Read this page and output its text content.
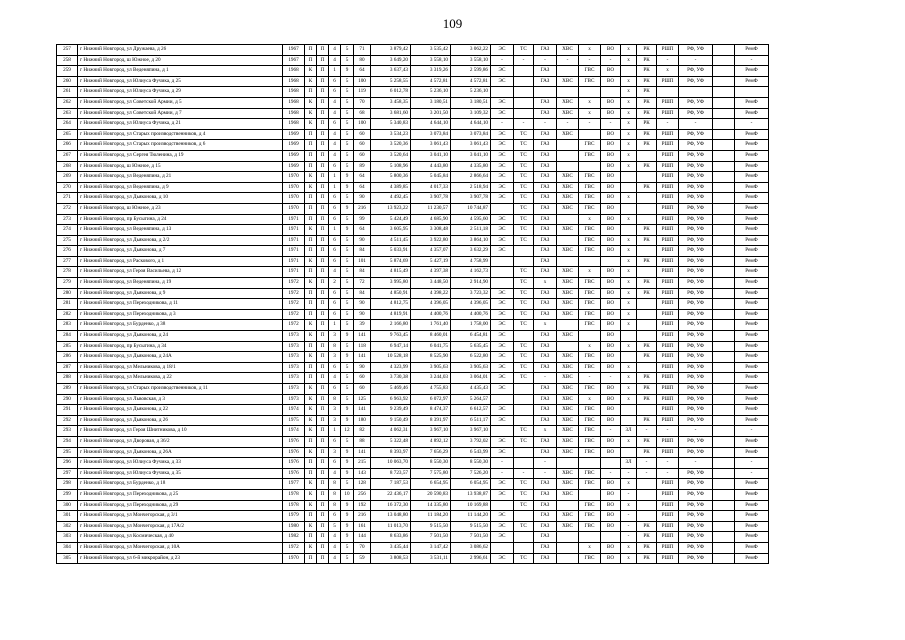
109
257	г Нижний Новгород, ул Дружаева, д 26	1967	П	П	4	5	71	3 879,42	3 535,42	3 062,22	ЭС	ТС	ГАЗ	ХВС	x	ВО	x	РК	РШП	РФ, УФ		РемФ
258	г Нижний Новгород, ш Южное, д 20	1967	П	П	4	5	80	3 649,20	3 558,10	3 558,10	-	-	-	-	-	-	x	РК	-	-		-
259	г Нижний Новгород, ул Веденяпина, д 1	1968	К	П	1	9	64	3 637,43	3 319,26	2 599,86	ЭС		ГАЗ		ГВС	ВО		РК	x	РФ, УФ		РемФ
260	г Нижний Новгород, ул Юлиуса Фучика, д 25	1968	К	П	6	5	100	5 258,55	4 572,81	4 572,81	ЭС		ГАЗ	ХВС	ГВС	ВО	x	РК	РШП	РФ, УФ		РемФ
261	г Нижний Новгород, ул Юлиуса Фучика, д 29	1968	П	П	6	5	119	6 012,78	5 236,10	5 236,10							x	РК				
262	г Нижний Новгород, ул Советской Армии, д 5	1968	К	П	4	5	70	3 458,35	3 180,51	3 180,51	ЭС		ГАЗ	ХВС	x	ВО	x	РК	РШП	РФ, УФ		РемФ
263	г Нижний Новгород, ул Советской Армии, д 7	1968	К	П	4	5	68	3 681,60	3 201,50	3 109,32	ЭС		ГАЗ	ХВС	x	ВО	x	РК	РШП	РФ, УФ		РемФ
264	г Нижний Новгород, ул Юлиуса Фучика, д 21	1968	К	П	6	5	100	5 340,83	4 644,10	4 644,10	-	-	-	-	-	-	x	РК	-	-		-
265	г Нижний Новгород, ул Старых производственников, д 4	1969	П	П	4	5	60	3 534,23	3 073,84	3 073,84	ЭС	ТС	ГАЗ	ХВС		ВО	x	РК	РШП	РФ, УФ		РемФ
266	г Нижний Новгород, ул Старых производственников, д 6	1969	П	П	4	5	60	3 520,36	3 061,43	3 061,43	ЭС	ТС	ГАЗ		ГВС	ВО	x	РК	РШП	РФ, УФ		РемФ
267	г Нижний Новгород, ул Сергея Тюленина, д 19	1969	П	П	4	5	60	3 520,64	3 041,10	3 041,10	ЭС	ТС	ГАЗ		ГВС	ВО	x		РШП	РФ, УФ		РемФ
268	г Нижний Новгород, ш Южное, д 15	1969	П	П	6	5	89	5 108,96	4 443,80	4 335,80	ЭС	ТС	ГАЗ			ВО	x	РК	РШП	РФ, УФ		РемФ
269	г Нижний Новгород, ул Веденяпина, д 21	1970	К	П	1	9	64	5 800,36	5 045,84	2 866,64	ЭС	ТС	ГАЗ	ХВС	ГВС	ВО			РШП	РФ, УФ		РемФ
270	г Нижний Новгород, ул Веденяпина, д 9	1970	К	П	1	9	64	4 389,85	4 017,33	2 518,94	ЭС	ТС	ГАЗ	ХВС	ГВС	ВО		РК	РШП	РФ, УФ		РемФ
271	г Нижний Новгород, ул Дьяконова, д 10	1970	П	П	6	5	90	4 492,45	3 907,78	3 907,78	ЭС	ТС	ГАЗ	ХВС	ГВС	ВО	x		РШП	РФ, УФ		РемФ
272	г Нижний Новгород, ш Южное, д 23	1970	П	П	6	9	216	13 923,22	11 230,57	10 744,87		ТС	ГАЗ	ХВС	ГВС	ВО			РШП	РФ, УФ		РемФ
273	г Нижний Новгород, пр Бусыгина, д 24	1971	П	П	6	5	99	5 424,49	4 685,90	4 595,60	ЭС	ТС	ГАЗ		x	ВО	x		РШП	РФ, УФ		РемФ
274	г Нижний Новгород, ул Веденяпина, д 13	1971	К	П	1	9	64	3 605,95	3 308,48	2 511,18	ЭС	ТС	ГАЗ	ХВС	ГВС	ВО		РК	РШП	РФ, УФ		РемФ
275	г Нижний Новгород, ул Дьяконова, д 2/2	1971	П	П	6	5	90	4 511,45	3 922,80	3 864,10	ЭС	ТС	ГАЗ		ГВС	ВО	x	РК	РШП	РФ, УФ		РемФ
276	г Нижний Новгород, ул Дьяконова, д 7	1971	П	П	6	5	84	5 033,91	4 357,07	3 632,29	ЭС		ГАЗ	ХВС	ГВС	ВО	x		РШП	РФ, УФ		РемФ
277	г Нижний Новгород, ул Раскового, д 1	1971	К	П	6	5	101	5 874,69	5 427,19	4 758,99			ГАЗ				x	РК	РШП	РФ, УФ		РемФ
278	г Нижний Новгород, ул Героя Васильева, д 12	1971	П	П	4	5	84	4 815,49	4 397,38	4 162,73		ТС	ГАЗ	ХВС	x	ВО	x		РШП	РФ, УФ		РемФ
279	г Нижний Новгород, ул Веденяпина, д 19	1972	К	П	2	5	72	3 995,80	3 448,50	2 914,90		ТС	x	ХВС	ГВС	ВО	x	РК	РШП	РФ, УФ		РемФ
280	г Нижний Новгород, ул Дьяконова, д 9	1972	П	П	6	5	84	4 850,91	4 398,22	3 723,32	ЭС	ТС	ГАЗ	ХВС	ГВС	ВО	x	РК	РШП	РФ, УФ		РемФ
281	г Нижний Новгород, ул Переходникова, д 11	1972	П	П	6	5	90	4 812,75	4 396,05	4 396,05	ЭС	ТС	ГАЗ	ХВС	ГВС	ВО	x		РШП	РФ, УФ		РемФ
282	г Нижний Новгород, ул Переходникова, д 3	1972	П	П	6	5	90	4 819,91	4 400,76	4 400,76	ЭС	ТС	ГАЗ	ХВС	ГВС	ВО	x		РШП	РФ, УФ		РемФ
283	г Нижний Новгород, ул Бурденко, д 38	1972	К	П	1	5	39	2 166,80	1 761,40	1 758,00	ЭС	ТС	x		ГВС	ВО	x		РШП	РФ, УФ		РемФ
284	г Нижний Новгород, ул Дьяконова, д 24	1973	К	П	3	9	141	9 763,45	8 460,01	6 454,81	ЭС		ГАЗ	ХВС		ВО			РШП	РФ, УФ		РемФ
285	г Нижний Новгород, пр Бусыгина, д 34	1973	П	П	8	5	118	6 947,14	6 041,75	5 635,45	ЭС	ТС	ГАЗ		x	ВО	x	РК	РШП	РФ, УФ		РемФ
286	г Нижний Новгород, ул Дьяконова, д 24А	1973	К	П	3	9	141	10 528,18	8 525,90	6 522,80	ЭС	ТС	ГАЗ	ХВС	ГВС	ВО		РК	РШП	РФ, УФ		РемФ
287	г Нижний Новгород, ул Мельникова, д 18/1	1973	П	П	6	5	90	4 323,99	3 905,63	3 905,63	ЭС	ТС	ГАЗ	ХВС	ГВС	ВО	x		РШП	РФ, УФ		РемФ
288	г Нижний Новгород, ул Мельникова, д 22	1973	П	П	4	5	60	3 730,38	3 244,03	3 064,01	ЭС	ТС	-	ХВС	-	-	x	РК	РШП	РФ, УФ		РемФ
289	г Нижний Новгород, ул Старых производственников, д 11	1973	К	П	6	5	60	5 469,46	4 755,83	4 435,43	ЭС		ГАЗ	ХВС	ГВС	ВО	x	РК	РШП	РФ, УФ		РемФ
290	г Нижний Новгород, ул Львовская, д 3	1973	К	П	8	5	125	6 963,92	6 072,97	5 264,57			ГАЗ	ХВС	x	ВО	x	РК	РШП	РФ, УФ		РемФ
291	г Нижний Новгород, ул Дьяконова, д 22	1974	К	П	3	9	141	9 239,49	8 474,37	6 612,57	ЭС		ГАЗ	ХВС	ГВС	ВО			РШП	РФ, УФ		РемФ
292	г Нижний Новгород, ул Дьяконова, д 26	1975	К	П	3	9	180	9 150,49	8 391,97	6 511,17	ЭС		ГАЗ	ХВС	ГВС	ВО		РК	РШП	РФ, УФ		РемФ
293	г Нижний Новгород, ул Героя Шнитникова, д 10	1974	К	П	1	12	82	4 062,31	3 967,10	3 967,10		ТС	x	ХВС	ГВС	-	3Л	-	-	-		-
294	г Нижний Новгород, ул Дворовая, д 36/2	1976	П	П	6	5	88	5 322,48	4 892,12	3 792,02	ЭС	ТС	ГАЗ	ХВС	ГВС	ВО	x	РК	РШП	РФ, УФ		РемФ
295	г Нижний Новгород, ул Дьяконова, д 26А	1976	К	П	3	9	141	8 393,97	7 656,29	6 543,99	ЭС		ГАЗ	ХВС	ГВС	ВО		РК	РШП	РФ, УФ		РемФ
296	г Нижний Новгород, ул Юлиуса Фучика, д 33	1976	П	П	6	9	215	10 063,70	8 550,30	8 550,30	-		-				3Л	-	-	-		-
297	г Нижний Новгород, ул Юлиуса Фучика, д 35	1976	П	П	4	9	143	8 723,57	7 575,80	7 526,20	-	-	-	ХВС	ГВС	-	-	-	-	РФ, УФ		-
298	г Нижний Новгород, ул Бурденко, д 18	1977	К	П	8	5	128	7 187,53	6 654,95	6 054,95	ЭС	ТС	ГАЗ	ХВС	ГВС	ВО	x		РШП	РФ, УФ		РемФ
299	г Нижний Новгород, ул Переходникова, д 25	1978	К	П	8	10	256	22 436,17	20 590,83	13 938,87	ЭС	ТС	ГАЗ	ХВС		ВО	-		РШП	РФ, УФ		РемФ
300	г Нижний Новгород, ул Переходникова, д 29	1978	К	П	8	9	192	16 372,30	14 335,80	10 169,88		ТС	ГАЗ		ГВС	ВО	x		РШП	РФ, УФ		РемФ
301	г Нижний Новгород, ул Мончегорская, д 3/1	1979	П	П	6	9	216	13 048,80	11 184,20	11 144,20	ЭС		ГАЗ	ХВС	ГВС	ВО	-		РШП	РФ, УФ		РемФ
302	г Нижний Новгород, ул Мончегорская, д 17А/2	1980	К	П	5	9	161	11 013,70	9 515,50	9 515,50	ЭС	ТС	ГАЗ	ХВС	ГВС	ВО	-	РК	РШП	РФ, УФ		РемФ
303	г Нижний Новгород, ул Космическая, д 40	1982	П	П	4	9	144	8 633,86	7 501,50	7 501,50	ЭС		ГАЗ				-	РК	РШП	РФ, УФ		РемФ
304	г Нижний Новгород, ул Мончегорская, д 10А	1972	К	П	4	5	70	3 435,44	3 147,42	3 086,62			ГАЗ		x	ВО	x	РК	РШП	РФ, УФ		РемФ
305	г Нижний Новгород, ул 6-й микрорайон, д 23	1970	П	П	4	5	59	3 808,53	3 531,11	2 996,61	ЭС	ТС	ГАЗ		ГВС	ВО	x	РК	РШП	РФ, УФ		РемФ
